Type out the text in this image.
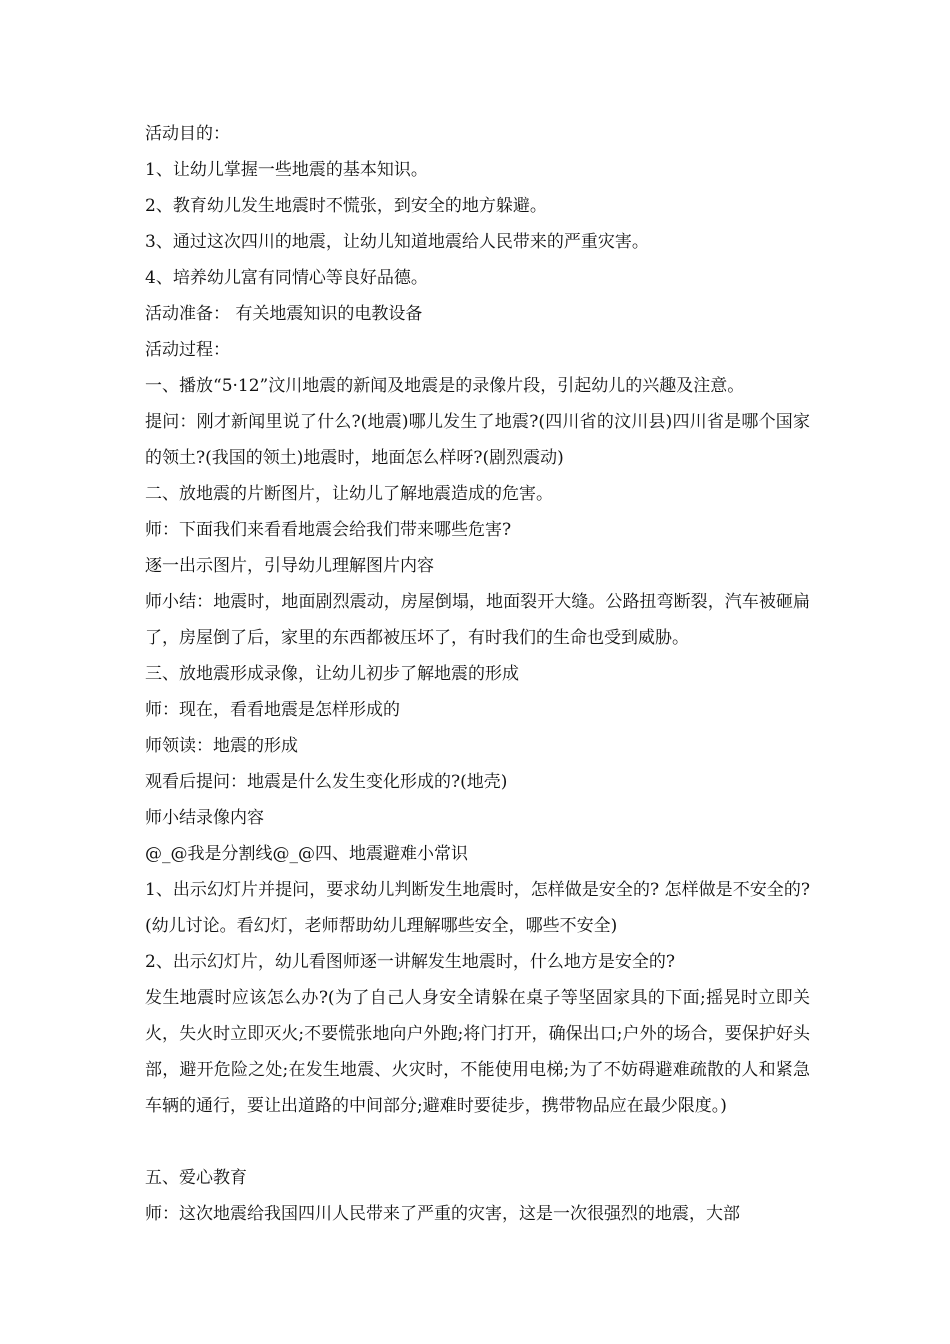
活动目的：
1、让幼儿掌握一些地震的基本知识。
2、教育幼儿发生地震时不慌张，到安全的地方躲避。
3、通过这次四川的地震，让幼儿知道地震给人民带来的严重灾害。
4、培养幼儿富有同情心等良好品德。
活动准备： 有关地震知识的电教设备
活动过程：
一、播放“5·12”汶川地震的新闻及地震是的录像片段，引起幼儿的兴趣及注意。
提问：刚才新闻里说了什么?(地震)哪儿发生了地震?(四川省的汶川县)四川省是哪个国家的领土?(我国的领土)地震时，地面怎么样呀?(剧烈震动)
二、放地震的片断图片，让幼儿了解地震造成的危害。
师：下面我们来看看地震会给我们带来哪些危害?
逐一出示图片，引导幼儿理解图片内容
师小结：地震时，地面剧烈震动，房屋倒塌，地面裂开大缝。公路扭弯断裂，汽车被砸扁了，房屋倒了后，家里的东西都被压坏了，有时我们的生命也受到威胁。
三、放地震形成录像，让幼儿初步了解地震的形成
师：现在，看看地震是怎样形成的
师领读：地震的形成
观看后提问：地震是什么发生变化形成的?(地壳)
师小结录像内容
@_@我是分割线@_@四、地震避难小常识
1、出示幻灯片并提问，要求幼儿判断发生地震时，怎样做是安全的? 怎样做是不安全的? (幼儿讨论。看幻灯，老师帮助幼儿理解哪些安全，哪些不安全)
2、出示幻灯片，幼儿看图师逐一讲解发生地震时，什么地方是安全的?
发生地震时应该怎么办?(为了自己人身安全请躲在桌子等坚固家具的下面;摇晃时立即关火，失火时立即灭火;不要慌张地向户外跑;将门打开，确保出口;户外的场合，要保护好头部，避开危险之处;在发生地震、火灾时，不能使用电梯;为了不妨碍避难疏散的人和紧急车辆的通行，要让出道路的中间部分;避难时要徒步，携带物品应在最少限度。)
五、爱心教育
师：这次地震给我国四川人民带来了严重的灾害，这是一次很强烈的地震，大部
